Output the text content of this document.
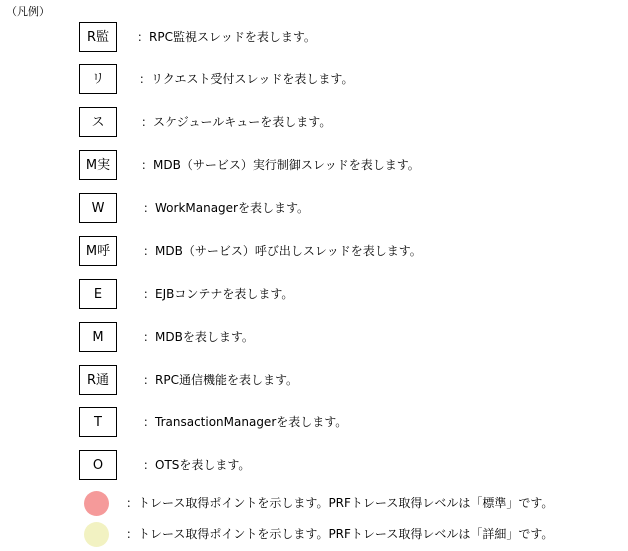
（凡例）
R監	：RPC監視スレッドを表します。
リ	：リクエスト受付スレッドを表します。
ス	：スケジュールキューを表します。
M実	：MDB（サービス）実行制御スレッドを表します。
W	：WorkManagerを表します。
M呼	：MDB（サービス）呼び出しスレッドを表します。
E	：EJBコンテナを表します。
M	：MDBを表します。
R通	：RPC通信機能を表します。
T	：TransactionManagerを表します。
O	：OTSを表します。
：トレース取得ポイントを示します。PRFトレース取得レベルは「標準」です。
：トレース取得ポイントを示します。PRFトレース取得レベルは「詳細」です。
